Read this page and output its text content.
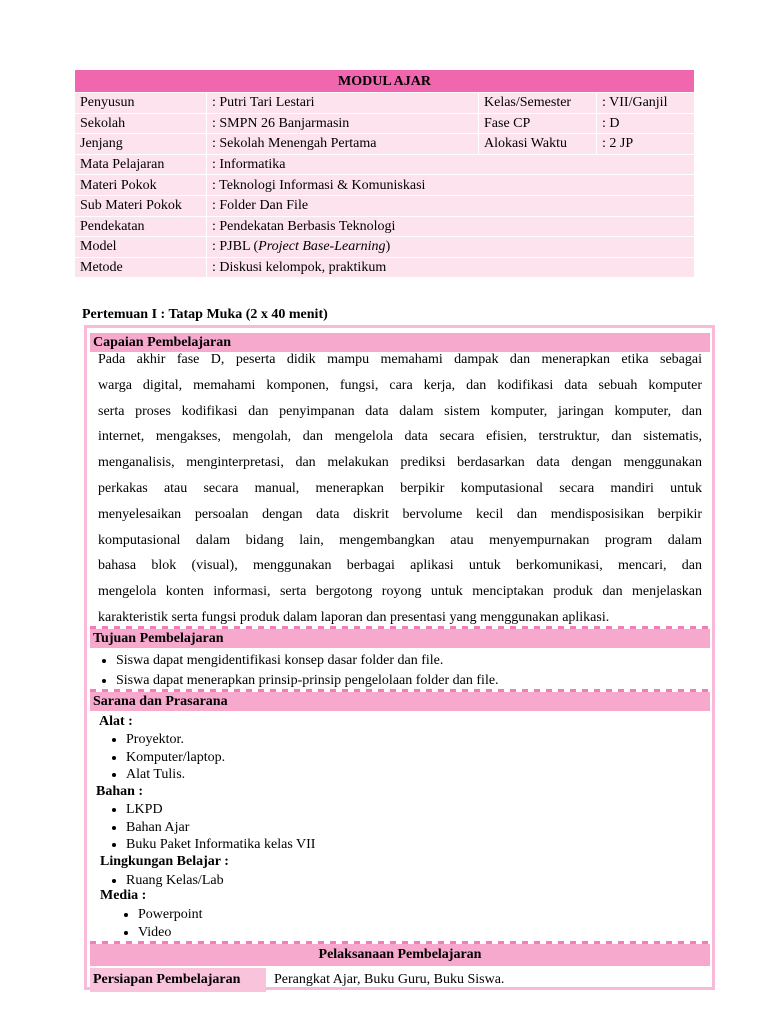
MODUL AJAR			
Penyusun	: Putri Tari Lestari	Kelas/Semester	: VII/Ganjil
Sekolah	: SMPN 26 Banjarmasin	Fase CP	: D
Jenjang	: Sekolah Menengah Pertama	Alokasi Waktu	: 2 JP
Mata Pelajaran	: Informatika		
Materi Pokok	: Teknologi Informasi & Komuniskasi		
Sub Materi Pokok	: Folder Dan File		
Pendekatan	: Pendekatan Berbasis Teknologi		
Model	: PJBL (Project Base-Learning)		
Metode	: Diskusi kelompok, praktikum		
Pertemuan I : Tatap Muka (2 x 40 menit)
Capaian Pembelajaran
Pada akhir fase D, peserta didik mampu memahami dampak dan menerapkan etika sebagai
warga digital, memahami komponen, fungsi, cara kerja, dan kodifikasi data sebuah komputer
serta proses kodifikasi dan penyimpanan data dalam sistem komputer, jaringan komputer, dan
internet, mengakses, mengolah, dan mengelola data secara efisien, terstruktur, dan sistematis,
menganalisis, menginterpretasi, dan melakukan prediksi berdasarkan data dengan menggunakan
perkakas atau secara manual, menerapkan berpikir komputasional secara mandiri untuk
menyelesaikan persoalan dengan data diskrit bervolume kecil dan mendisposisikan berpikir
komputasional dalam bidang lain, mengembangkan atau menyempurnakan program dalam
bahasa blok (visual), menggunakan berbagai aplikasi untuk berkomunikasi, mencari, dan
mengelola konten informasi, serta bergotong royong untuk menciptakan produk dan menjelaskan
karakteristik serta fungsi produk dalam laporan dan presentasi yang menggunakan aplikasi.
Tujuan Pembelajaran
• Siswa dapat mengidentifikasi konsep dasar folder dan file.
• Siswa dapat menerapkan prinsip-prinsip pengelolaan folder dan file.
Sarana dan Prasarana
Alat :
• Proyektor.
• Komputer/laptop.
• Alat Tulis.
Bahan :
• LKPD
• Bahan Ajar
• Buku Paket Informatika kelas VII
Lingkungan Belajar :
• Ruang Kelas/Lab
Media :
• Powerpoint
• Video
Pelaksanaan Pembelajaran
Persiapan Pembelajaran	Perangkat Ajar, Buku Guru, Buku Siswa.
